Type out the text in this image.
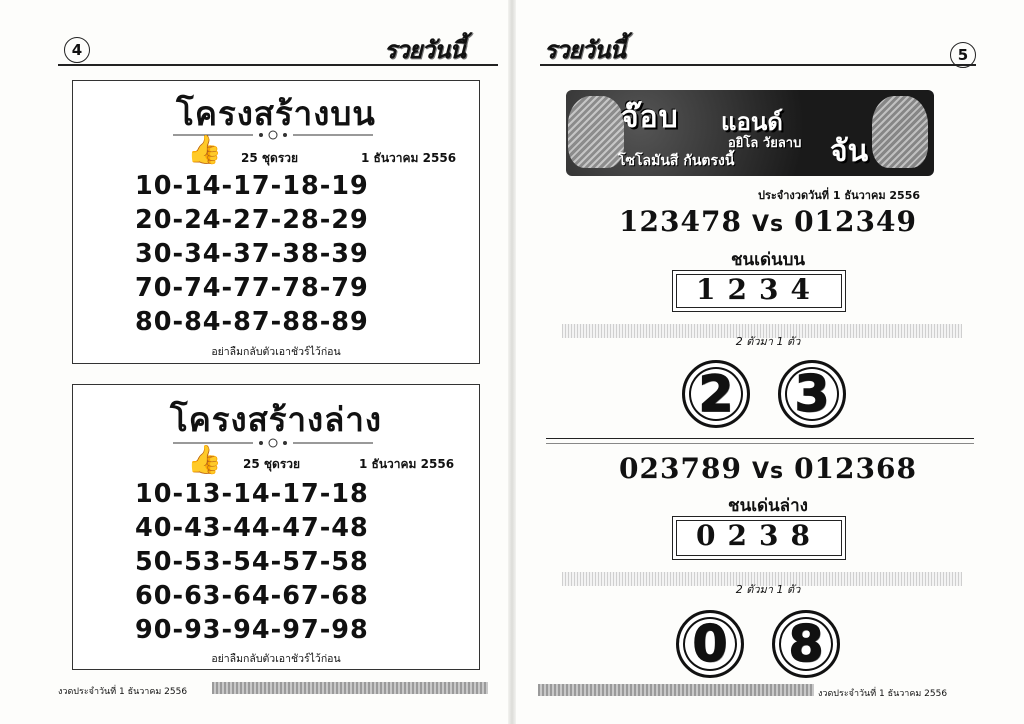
4	รวยวันนี้
โครงสร้างบน
👍 25 ชุดรวย	1 ธันวาคม 2556
10-14-17-18-19
20-24-27-28-29
30-34-37-38-39
70-74-77-78-79
80-84-87-88-89
อย่าลืมกลับตัวเอาชัวร์ไว้ก่อน
โครงสร้างล่าง
👍 25 ชุดรวย	1 ธันวาคม 2556
10-13-14-17-18
40-43-44-47-48
50-53-54-57-58
60-63-64-67-68
90-93-94-97-98
อย่าลืมกลับตัวเอาชัวร์ไว้ก่อน
งวดประจำวันที่ 1 ธันวาคม 2556
รวยวันนี้	5
จ๊อบ แอนด์
อยิโล วัยลาบ
โซโลมันสี กันตรงนี้	จัน
ประจำงวดวันที่ 1 ธันวาคม 2556
123478 Vs 012349
ชนเด่นบน
1234
2 ตัวมา 1 ตัว
2 3
023789 Vs 012368
ชนเด่นล่าง
0238
2 ตัวมา 1 ตัว
0 8
งวดประจำวันที่ 1 ธันวาคม 2556
